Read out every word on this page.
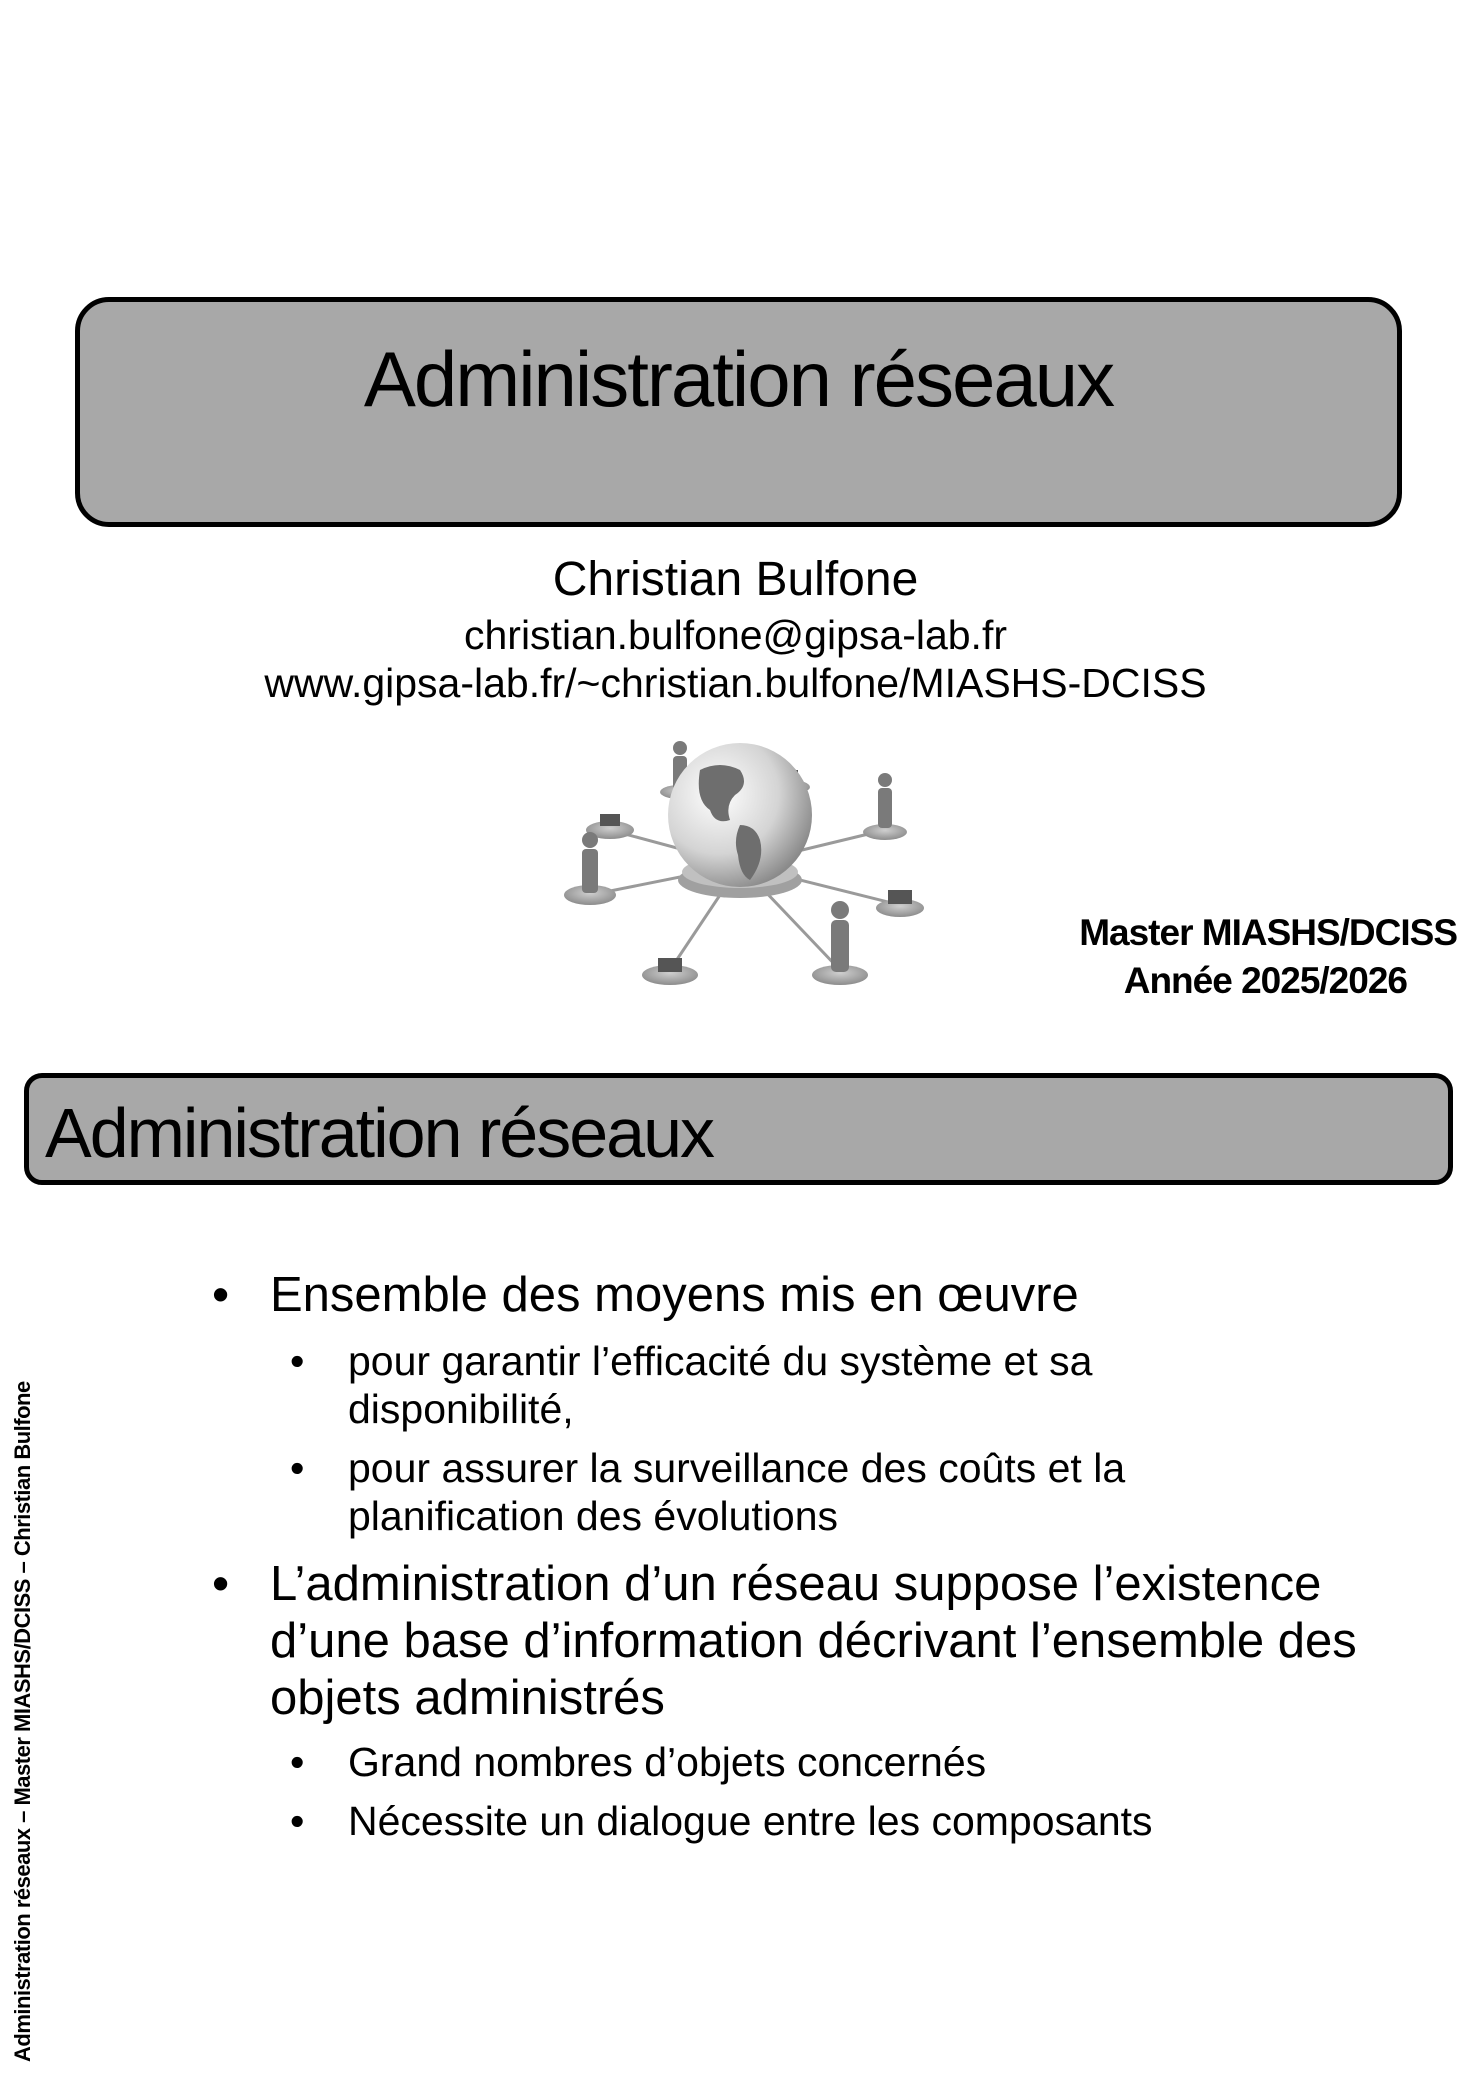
Administration réseaux
Christian Bulfone
christian.bulfone@gipsa-lab.fr
www.gipsa-lab.fr/~christian.bulfone/MIASHS-DCISS
Master MIASHS/DCISS
Année 2025/2026
Administration réseaux
Administration réseaux – Master MIASHS/DCISS – Christian Bulfone
• Ensemble des moyens mis en œuvre
• pour garantir l’efficacité du système et sa disponibilité,
• pour assurer la surveillance des coûts et la planification des évolutions
• L’administration d’un réseau suppose l’existence d’une base d’information décrivant l’ensemble des objets administrés
• Grand nombres d’objets concernés
• Nécessite un dialogue entre les composants
